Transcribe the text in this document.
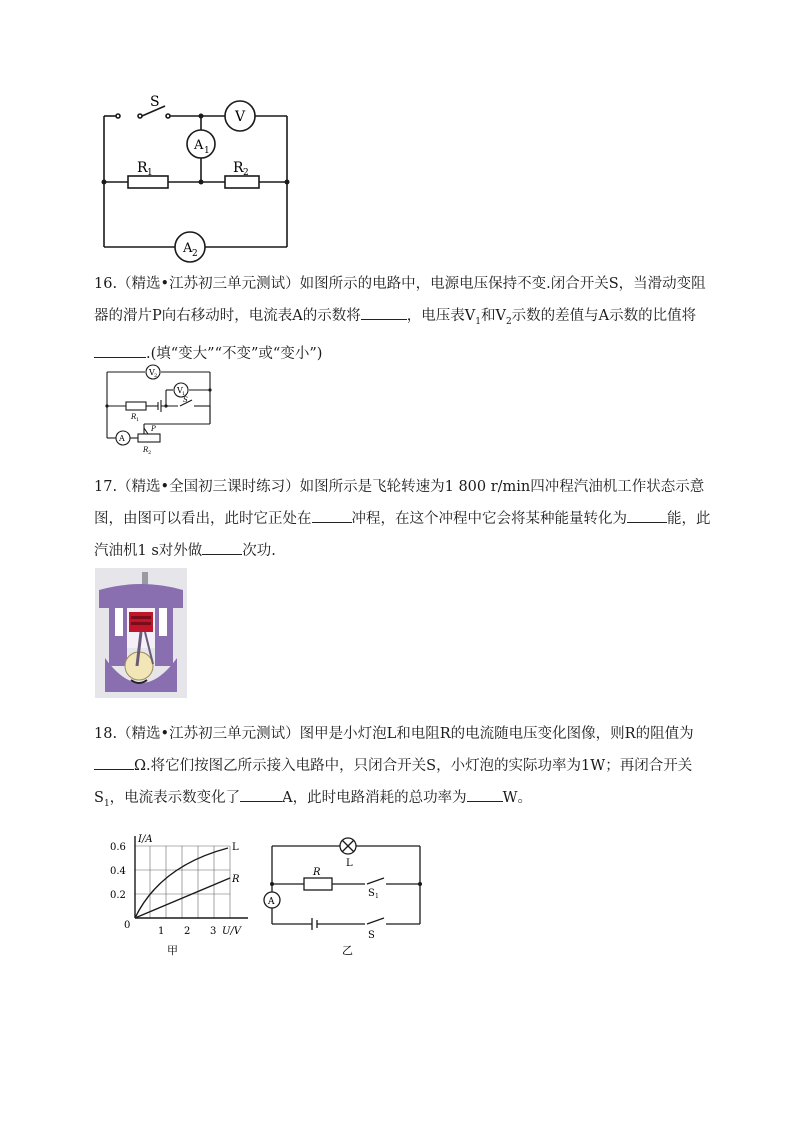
S
V
A 1
A 2
R 1	R 2
16.（精选•江苏初三单元测试）如图所示的电路中，电源电压保持不变.闭合开关S，当滑动变阻
器的滑片P向右移动时，电流表A的示数将	，电压表$V_1$和$V_2$示数的差值与A示数的比值将
.(填“变大”“不变”或“变小”)
V 2
V 1
S
R 1
A
P
R 2
17.（精选•全国初三课时练习）如图所示是飞轮转速为1 800 r/min四冲程汽油机工作状态示意
图，由图可以看出，此时它正处在	冲程，在这个冲程中它会将某种能量转化为	能，此
汽油机1 s对外做	次功.
18.（精选•江苏初三单元测试）图甲是小灯泡L和电阻R的电流随电压变化图像，则R的阻值为
Ω.将它们按图乙所示接入电路中，只闭合开关S，小灯泡的实际功率为1W；再闭合开关
$S_1$，电流表示数变化了	A，此时电路消耗的总功率为 W。
I/A
U/V
0.6
0.4
0.2
0
1 2 3
L
R
甲
L
R
S 1
A
S
乙
